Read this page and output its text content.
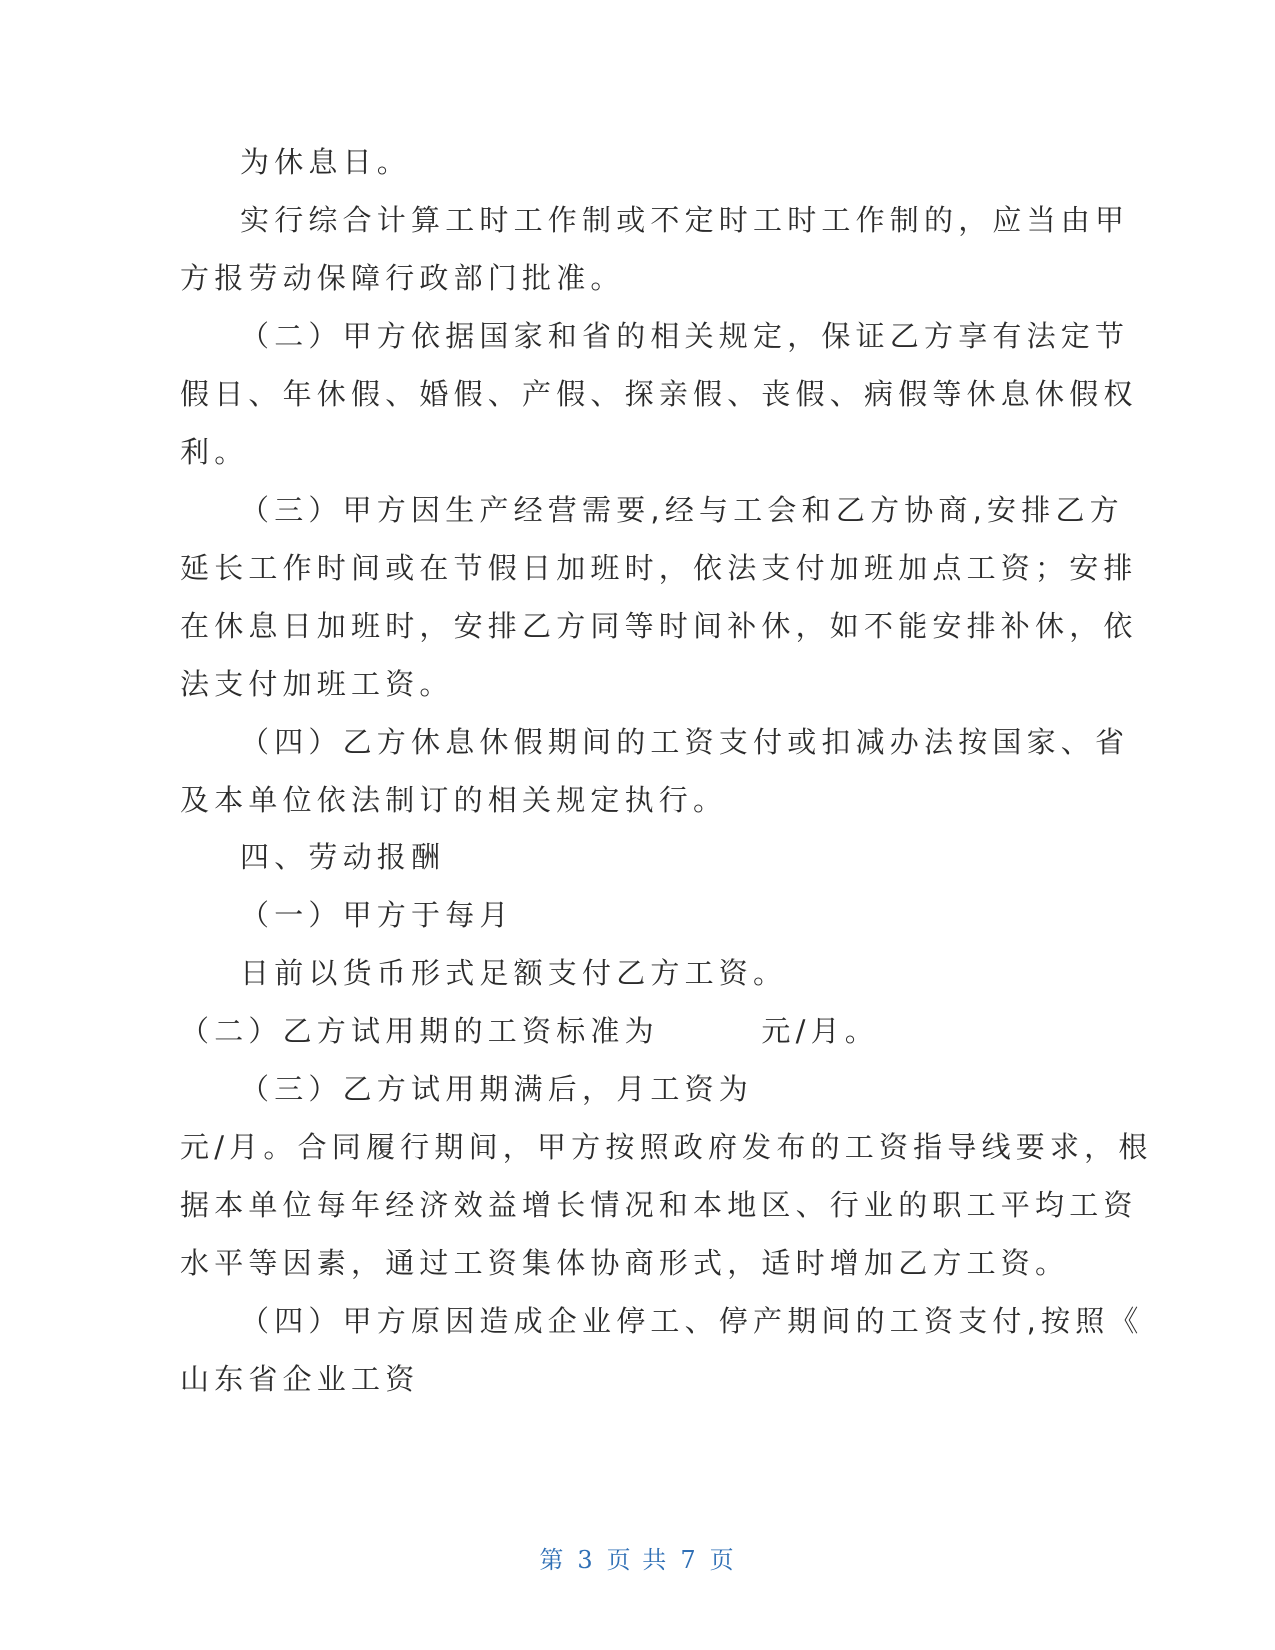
为休息日。

实行综合计算工时工作制或不定时工时工作制的，应当由甲

方报劳动保障行政部门批准。

（二）甲方依据国家和省的相关规定，保证乙方享有法定节

假日、年休假、婚假、产假、探亲假、丧假、病假等休息休假权

利。

（三）甲方因生产经营需要,经与工会和乙方协商,安排乙方

延长工作时间或在节假日加班时，依法支付加班加点工资；安排

在休息日加班时，安排乙方同等时间补休，如不能安排补休，依

法支付加班工资。

（四）乙方休息休假期间的工资支付或扣减办法按国家、省

及本单位依法制订的相关规定执行。

四、劳动报酬

（一）甲方于每月

日前以货币形式足额支付乙方工资。

（二）乙方试用期的工资标准为　　　元/月。

（三）乙方试用期满后，月工资为

元/月。合同履行期间，甲方按照政府发布的工资指导线要求，根

据本单位每年经济效益增长情况和本地区、行业的职工平均工资

水平等因素，通过工资集体协商形式，适时增加乙方工资。

（四）甲方原因造成企业停工、停产期间的工资支付,按照《

山东省企业工资

第 3 页 共 7 页
